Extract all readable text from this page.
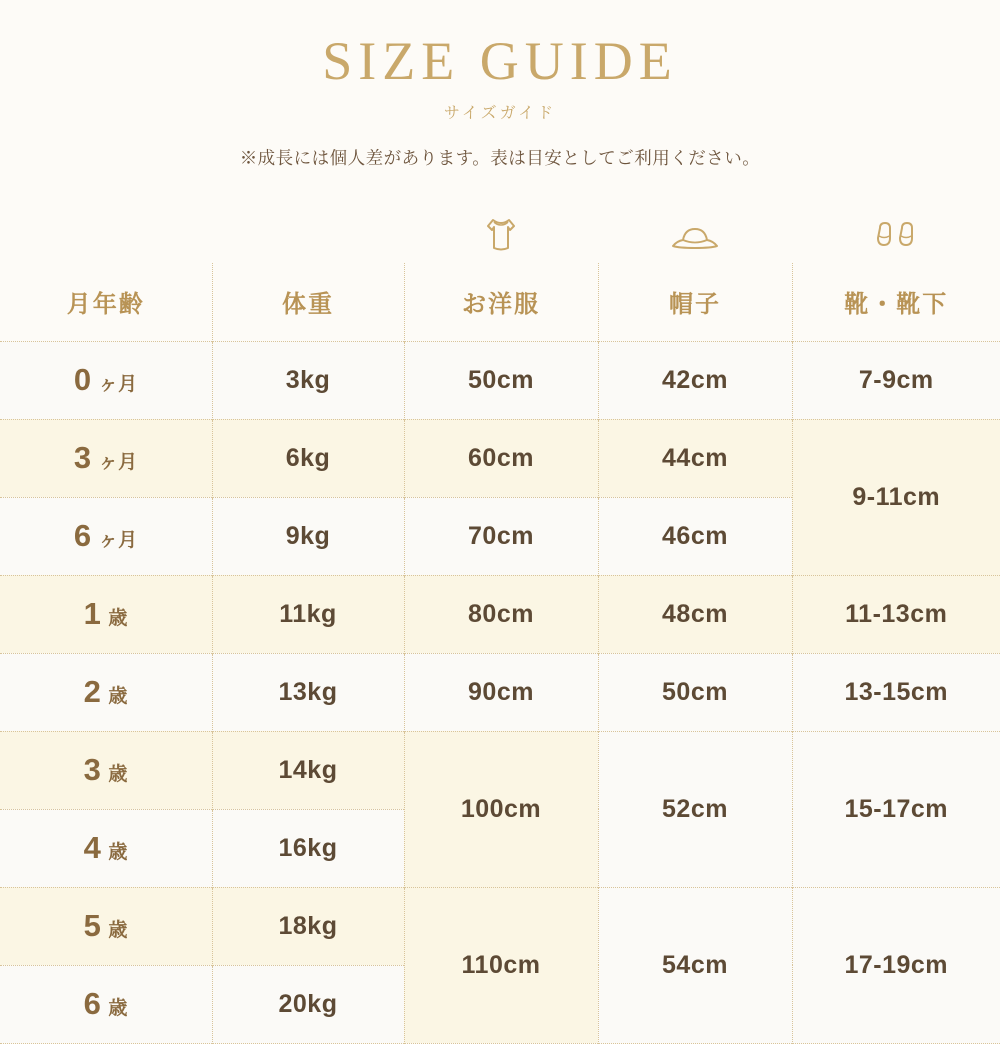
SIZE GUIDE
サイズガイド
※成長には個人差があります。表は目安としてご利用ください。

月年齢	体重	お洋服	帽子	靴・靴下
0 ヶ月	3kg	50cm	42cm	7-9cm
3 ヶ月	6kg	60cm	44cm	9-11cm
6 ヶ月	9kg	70cm	46cm	
1 歳	11kg	80cm	48cm	11-13cm
2 歳	13kg	90cm	50cm	13-15cm
3 歳	14kg	100cm	52cm	15-17cm
4 歳	16kg			
5 歳	18kg	110cm	54cm	17-19cm
6 歳	20kg			
